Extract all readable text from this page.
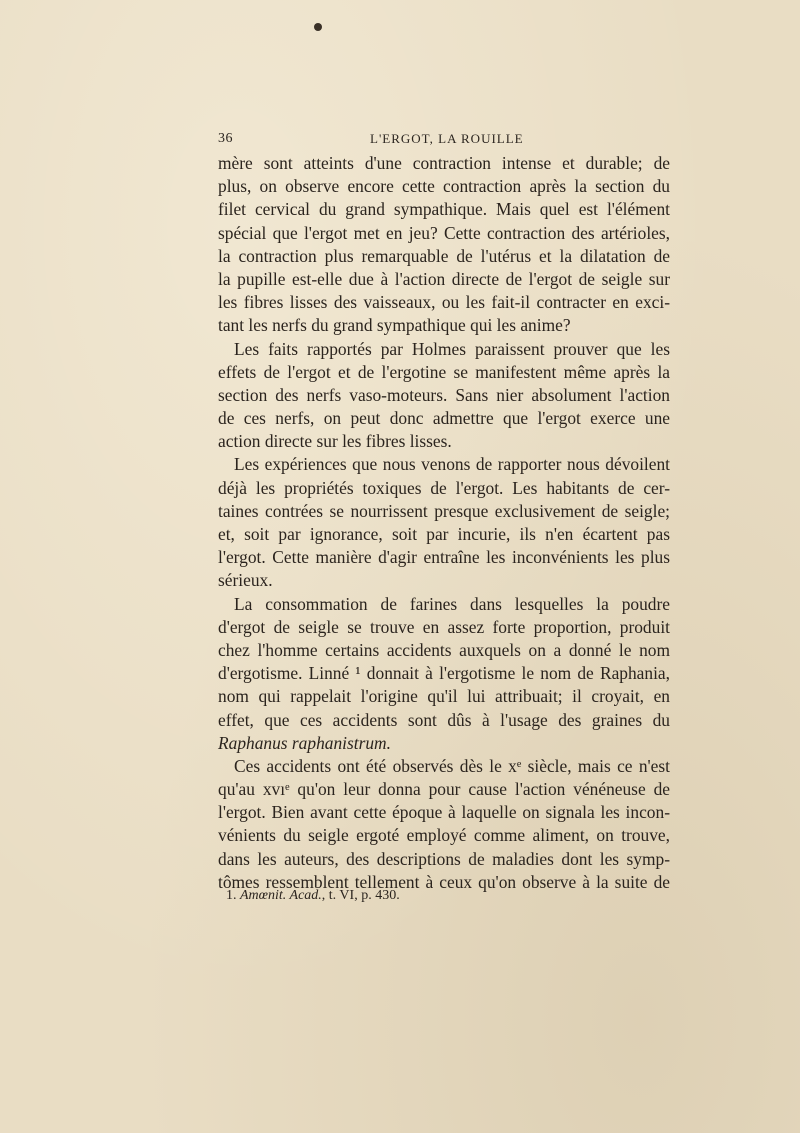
36	L'ERGOT, LA ROUILLE
mère sont atteints d'une contraction intense et durable; de
plus, on observe encore cette contraction après la section du
filet cervical du grand sympathique. Mais quel est l'élément
spécial que l'ergot met en jeu? Cette contraction des artérioles,
la contraction plus remarquable de l'utérus et la dilatation de
la pupille est-elle due à l'action directe de l'ergot de seigle sur
les fibres lisses des vaisseaux, ou les fait-il contracter en exci-
tant les nerfs du grand sympathique qui les anime?
Les faits rapportés par Holmes paraissent prouver que les
effets de l'ergot et de l'ergotine se manifestent même après la
section des nerfs vaso-moteurs. Sans nier absolument l'action
de ces nerfs, on peut donc admettre que l'ergot exerce une
action directe sur les fibres lisses.
Les expériences que nous venons de rapporter nous dévoilent
déjà les propriétés toxiques de l'ergot. Les habitants de cer-
taines contrées se nourrissent presque exclusivement de seigle;
et, soit par ignorance, soit par incurie, ils n'en écartent pas
l'ergot. Cette manière d'agir entraîne les inconvénients les plus
sérieux.
La consommation de farines dans lesquelles la poudre
d'ergot de seigle se trouve en assez forte proportion, produit
chez l'homme certains accidents auxquels on a donné le nom
d'ergotisme. Linné ¹ donnait à l'ergotisme le nom de Raphania,
nom qui rappelait l'origine qu'il lui attribuait; il croyait, en
effet, que ces accidents sont dûs à l'usage des graines du
Raphanus raphanistrum.
Ces accidents ont été observés dès le xᵉ siècle, mais ce n'est
qu'au xvıᵉ qu'on leur donna pour cause l'action vénéneuse de
l'ergot. Bien avant cette époque à laquelle on signala les incon-
vénients du seigle ergoté employé comme aliment, on trouve,
dans les auteurs, des descriptions de maladies dont les symp-
tômes ressemblent tellement à ceux qu'on observe à la suite de
1. Amœnit. Acad., t. VI, p. 430.
